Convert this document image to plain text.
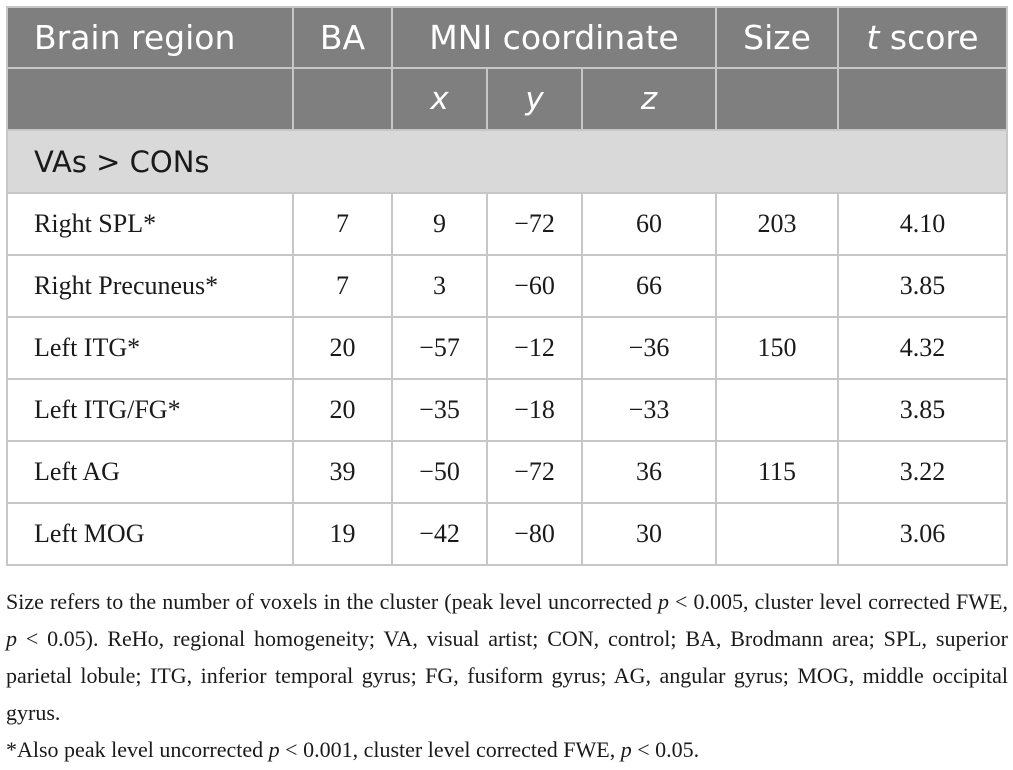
Brain region	BA	MNI coordinate			Size	t score
		x	y	z		
VAs > CONs						
Right SPL*	7	9	−72	60	203	4.10
Right Precuneus*	7	3	−60	66		3.85
Left ITG*	20	−57	−12	−36	150	4.32
Left ITG/FG*	20	−35	−18	−33		3.85
Left AG	39	−50	−72	36	115	3.22
Left MOG	19	−42	−80	30		3.06
Size refers to the number of voxels in the cluster (peak level uncorrected p < 0.005, cluster level corrected FWE, p < 0.05). ReHo, regional homogeneity; VA, visual artist; CON, control; BA, Brodmann area; SPL, superior parietal lobule; ITG, inferior temporal gyrus; FG, fusiform gyrus; AG, angular gyrus; MOG, middle occipital gyrus.
*Also peak level uncorrected p < 0.001, cluster level corrected FWE, p < 0.05.
